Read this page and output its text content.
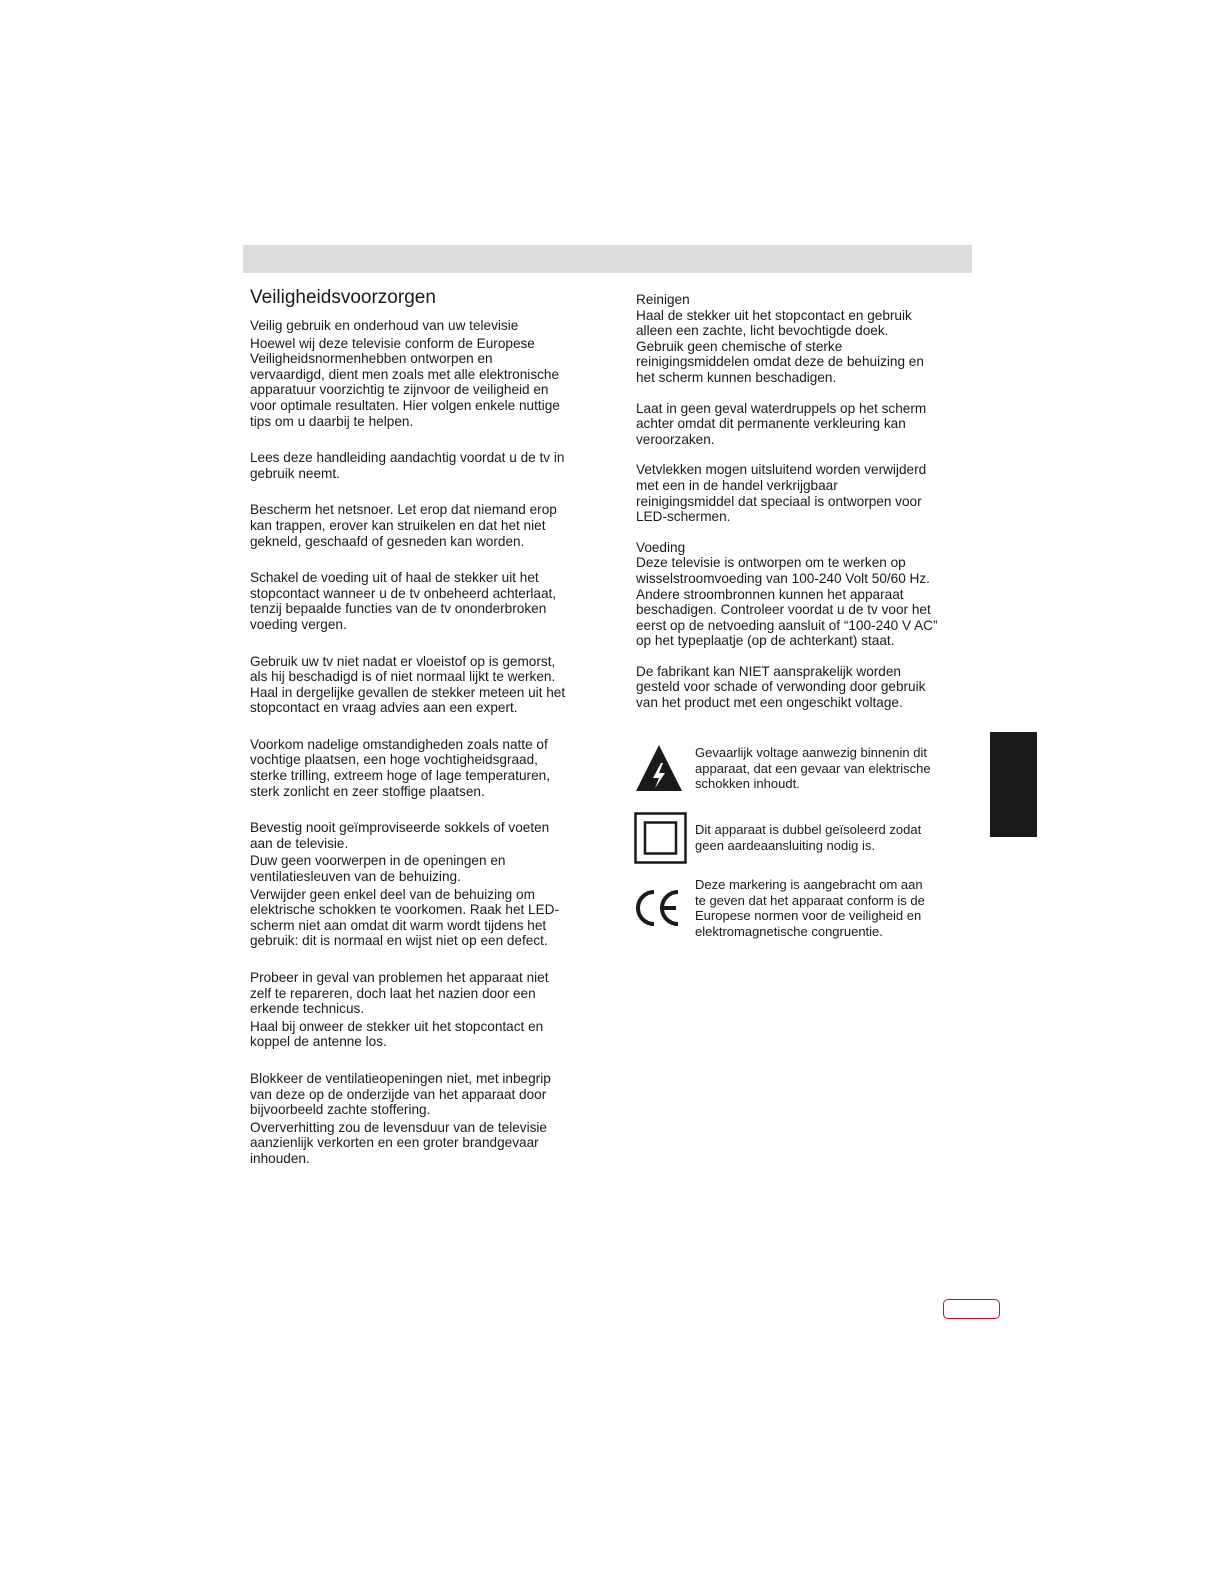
Veiligheidsvoorzorgen

Veilig gebruik en onderhoud van uw televisie

Hoewel wij deze televisie conform de Europese
Veiligheidsnormenhebben ontworpen en
vervaardigd, dient men zoals met alle elektronische
apparatuur voorzichtig te zijnvoor de veiligheid en
voor optimale resultaten. Hier volgen enkele nuttige
tips om u daarbij te helpen.

Lees deze handleiding aandachtig voordat u de tv in
gebruik neemt.

Bescherm het netsnoer. Let erop dat niemand erop
kan trappen, erover kan struikelen en dat het niet
gekneld, geschaafd of gesneden kan worden.

Schakel de voeding uit of haal de stekker uit het
stopcontact wanneer u de tv onbeheerd achterlaat,
tenzij bepaalde functies van de tv ononderbroken
voeding vergen.

Gebruik uw tv niet nadat er vloeistof op is gemorst,
als hij beschadigd is of niet normaal lijkt te werken.
Haal in dergelijke gevallen de stekker meteen uit het
stopcontact en vraag advies aan een expert.

Voorkom nadelige omstandigheden zoals natte of
vochtige plaatsen, een hoge vochtigheidsgraad,
sterke trilling, extreem hoge of lage temperaturen,
sterk zonlicht en zeer stoffige plaatsen.

Bevestig nooit geïmproviseerde sokkels of voeten
aan de televisie.

Duw geen voorwerpen in de openingen en
ventilatiesleuven van de behuizing.

Verwijder geen enkel deel van de behuizing om
elektrische schokken te voorkomen. Raak het LED-
scherm niet aan omdat dit warm wordt tijdens het
gebruik: dit is normaal en wijst niet op een defect.

Probeer in geval van problemen het apparaat niet
zelf te repareren, doch laat het nazien door een
erkende technicus.

Haal bij onweer de stekker uit het stopcontact en
koppel de antenne los.

Blokkeer de ventilatieopeningen niet, met inbegrip
van deze op de onderzijde van het apparaat door
bijvoorbeeld zachte stoffering.

Oververhitting zou de levensduur van de televisie
aanzienlijk verkorten en een groter brandgevaar
inhouden.

Reinigen

Haal de stekker uit het stopcontact en gebruik
alleen een zachte, licht bevochtigde doek.
Gebruik geen chemische of sterke
reinigingsmiddelen omdat deze de behuizing en
het scherm kunnen beschadigen.

Laat in geen geval waterdruppels op het scherm
achter omdat dit permanente verkleuring kan
veroorzaken.

Vetvlekken mogen uitsluitend worden verwijderd
met een in de handel verkrijgbaar
reinigingsmiddel dat speciaal is ontworpen voor
LED-schermen.

Voeding

Deze televisie is ontworpen om te werken op
wisselstroomvoeding van 100-240 Volt 50/60 Hz.
Andere stroombronnen kunnen het apparaat
beschadigen. Controleer voordat u de tv voor het
eerst op de netvoeding aansluit of “100-240 V AC”
op het typeplaatje (op de achterkant) staat.

De fabrikant kan NIET aansprakelijk worden
gesteld voor schade of verwonding door gebruik
van het product met een ongeschikt voltage.

Gevaarlijk voltage aanwezig binnenin dit
apparaat, dat een gevaar van elektrische
schokken inhoudt.
Dit apparaat is dubbel geïsoleerd zodat
geen aardeaansluiting nodig is.
Deze markering is aangebracht om aan
te geven dat het apparaat conform is de
Europese normen voor de veiligheid en
elektromagnetische congruentie.
